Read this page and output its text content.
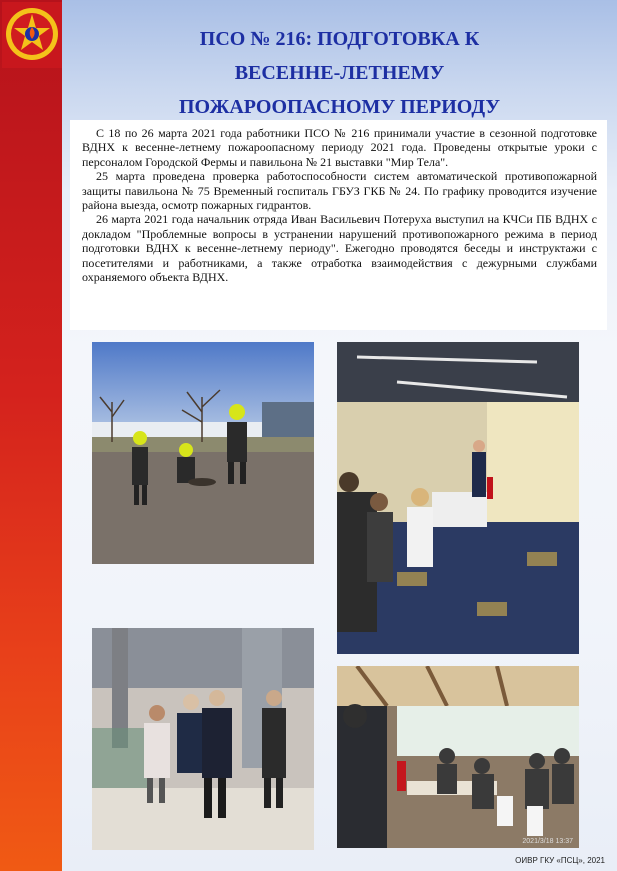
ПСО № 216: ПОДГОТОВКА К
ВЕСЕННЕ-ЛЕТНЕМУ
ПОЖАРООПАСНОМУ ПЕРИОДУ

С 18 по 26 марта 2021 года работники ПСО № 216 принимали участие в сезонной подготовке ВДНХ к весенне-летнему пожароопасному периоду 2021 года. Проведены открытые уроки с персоналом Городской Фермы и павильона № 21 выставки "Мир Тела".

25 марта проведена проверка работоспособности систем автоматической противопожарной защиты павильона № 75 Временный госпиталь ГБУЗ ГКБ № 24. По графику проводится изучение района выезда, осмотр пожарных гидрантов.

26 марта 2021 года начальник отряда Иван Васильевич Потеруха выступил на КЧСи ПБ ВДНХ с докладом "Проблемные вопросы в устранении нарушений противопожарного режима в период подготовки ВДНХ к весенне-летнему периоду". Ежегодно проводятся беседы и инструктажи с посетителями и работниками, а также отработка взаимодействия с дежурными службами охраняемого объекта ВДНХ.

2021/3/18 13:37
ОИВР ГКУ «ПСЦ», 2021
